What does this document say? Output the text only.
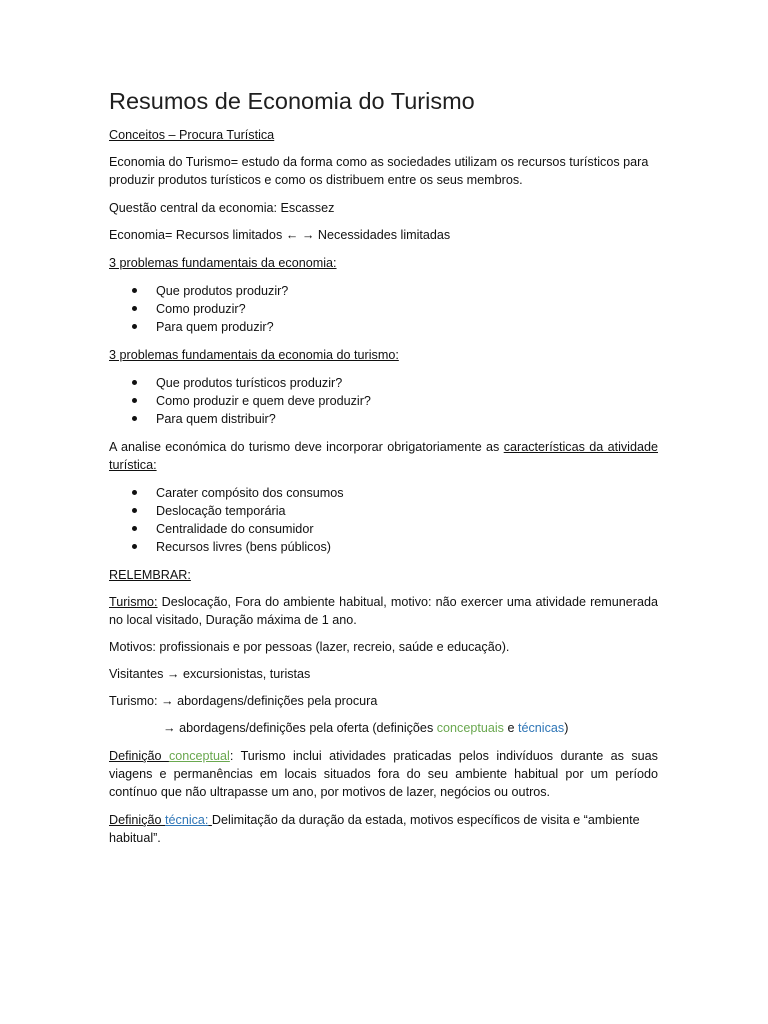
Resumos de Economia do Turismo

Conceitos – Procura Turística

Economia do Turismo= estudo da forma como as sociedades utilizam os recursos turísticos para produzir produtos turísticos e como os distribuem entre os seus membros.

Questão central da economia: Escassez

Economia= Recursos limitados ← → Necessidades limitadas

3 problemas fundamentais da economia:

Que produtos produzir?
Como produzir?
Para quem produzir?

3 problemas fundamentais da economia do turismo:

Que produtos turísticos produzir?
Como produzir e quem deve produzir?
Para quem distribuir?

A analise económica do turismo deve incorporar obrigatoriamente as características da atividade turística:

Carater compósito dos consumos
Deslocação temporária
Centralidade do consumidor
Recursos livres (bens públicos)

RELEMBRAR:

Turismo: Deslocação, Fora do ambiente habitual, motivo: não exercer uma atividade remunerada no local visitado, Duração máxima de 1 ano.

Motivos: profissionais e por pessoas (lazer, recreio, saúde e educação).

Visitantes → excursionistas, turistas

Turismo: → abordagens/definições pela procura

→ abordagens/definições pela oferta (definições conceptuais e técnicas)

Definição conceptual: Turismo inclui atividades praticadas pelos indivíduos durante as suas viagens e permanências em locais situados fora do seu ambiente habitual por um período contínuo que não ultrapasse um ano, por motivos de lazer, negócios ou outros.

Definição técnica: Delimitação da duração da estada, motivos específicos de visita e “ambiente habitual”.
